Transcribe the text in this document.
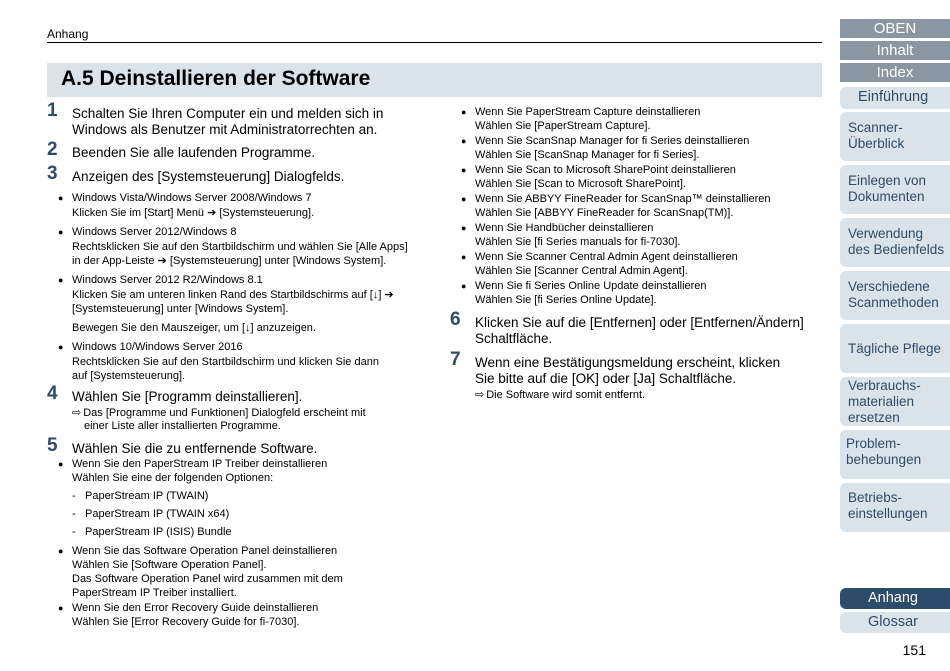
Anhang
A.5 Deinstallieren der Software
1 Schalten Sie Ihren Computer ein und melden sich in
Windows als Benutzer mit Administratorrechten an.
2 Beenden Sie alle laufenden Programme.
3 Anzeigen des [Systemsteuerung] Dialogfelds.
● Windows Vista/Windows Server 2008/Windows 7
Klicken Sie im [Start] Menü ➔ [Systemsteuerung].
● Windows Server 2012/Windows 8
Rechtsklicken Sie auf den Startbildschirm und wählen Sie [Alle Apps]
in der App-Leiste ➔ [Systemsteuerung] unter [Windows System].
● Windows Server 2012 R2/Windows 8.1
Klicken Sie am unteren linken Rand des Startbildschirms auf [↓] ➔
[Systemsteuerung] unter [Windows System].
Bewegen Sie den Mauszeiger, um [↓] anzuzeigen.
● Windows 10/Windows Server 2016
Rechtsklicken Sie auf den Startbildschirm und klicken Sie dann
auf [Systemsteuerung].
4 Wählen Sie [Programm deinstallieren].
⇨ Das [Programme und Funktionen] Dialogfeld erscheint mit
einer Liste aller installierten Programme.
5 Wählen Sie die zu entfernende Software.
● Wenn Sie den PaperStream IP Treiber deinstallieren
Wählen Sie eine der folgenden Optionen:
- PaperStream IP (TWAIN)
- PaperStream IP (TWAIN x64)
- PaperStream IP (ISIS) Bundle
● Wenn Sie das Software Operation Panel deinstallieren
Wählen Sie [Software Operation Panel].
Das Software Operation Panel wird zusammen mit dem
PaperStream IP Treiber installiert.
● Wenn Sie den Error Recovery Guide deinstallieren
Wählen Sie [Error Recovery Guide for fi-7030].
● Wenn Sie PaperStream Capture deinstallieren
Wählen Sie [PaperStream Capture].
● Wenn Sie ScanSnap Manager for fi Series deinstallieren
Wählen Sie [ScanSnap Manager for fi Series].
● Wenn Sie Scan to Microsoft SharePoint deinstallieren
Wählen Sie [Scan to Microsoft SharePoint].
● Wenn Sie ABBYY FineReader for ScanSnap™ deinstallieren
Wählen Sie [ABBYY FineReader for ScanSnap(TM)].
● Wenn Sie Handbücher deinstallieren
Wählen Sie [fi Series manuals for fi-7030].
● Wenn Sie Scanner Central Admin Agent deinstallieren
Wählen Sie [Scanner Central Admin Agent].
● Wenn Sie fi Series Online Update deinstallieren
Wählen Sie [fi Series Online Update].
6 Klicken Sie auf die [Entfernen] oder [Entfernen/Ändern]
Schaltfläche.
7 Wenn eine Bestätigungsmeldung erscheint, klicken
Sie bitte auf die [OK] oder [Ja] Schaltfläche.
⇨ Die Software wird somit entfernt.
OBEN
Inhalt
Index
Einführung
Scanner-
Überblick
Einlegen von
Dokumenten
Verwendung
des Bedienfelds
Verschiedene
Scanmethoden
Tägliche Pflege
Verbrauchs-
materialien
ersetzen
Problem-
behebungen
Betriebs-
einstellungen
Anhang
Glossar
151
